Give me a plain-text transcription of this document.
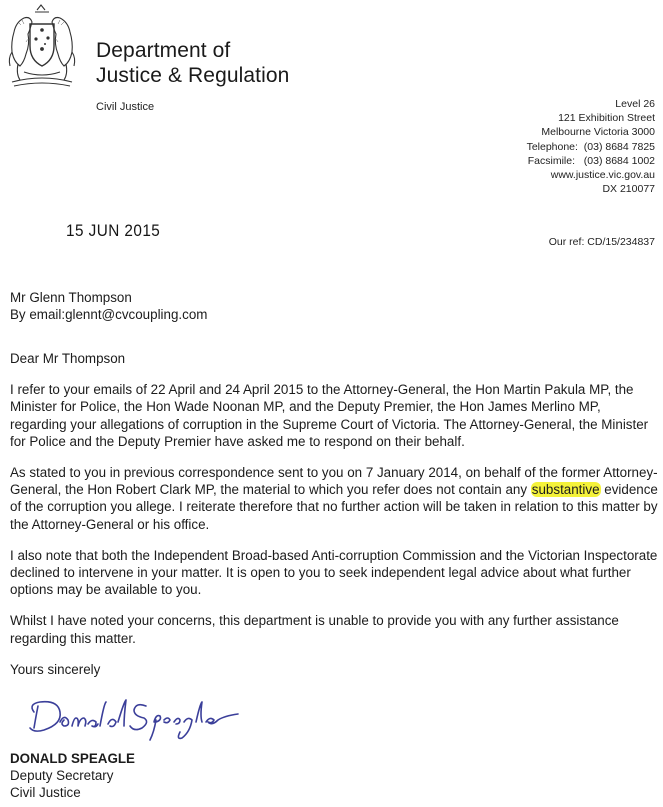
Department of
Justice & Regulation
Civil Justice	Level 26
121 Exhibition Street
Melbourne Victoria 3000
Telephone:  (03) 8684 7825
Facsimile:   (03) 8684 1002
www.justice.vic.gov.au
DX 210077
15 JUN 2015
Our ref: CD/15/234837

Mr Glenn Thompson

By email:glennt@cvcoupling.com

Dear Mr Thompson

I refer to your emails of 22 April and 24 April 2015 to the Attorney-General, the Hon Martin Pakula MP, the Minister for Police, the Hon Wade Noonan MP, and the Deputy Premier, the Hon James Merlino MP, regarding your allegations of corruption in the Supreme Court of Victoria. The Attorney-General, the Minister for Police and the Deputy Premier have asked me to respond on their behalf.

As stated to you in previous correspondence sent to you on 7 January 2014, on behalf of the former Attorney-General, the Hon Robert Clark MP, the material to which you refer does not contain any substantive evidence of the corruption you allege. I reiterate therefore that no further action will be taken in relation to this matter by the Attorney-General or his office.

I also note that both the Independent Broad-based Anti-corruption Commission and the Victorian Inspectorate declined to intervene in your matter. It is open to you to seek independent legal advice about what further options may be available to you.

Whilst I have noted your concerns, this department is unable to provide you with any further assistance regarding this matter.

Yours sincerely

DONALD SPEAGLE
Deputy Secretary
Civil Justice
